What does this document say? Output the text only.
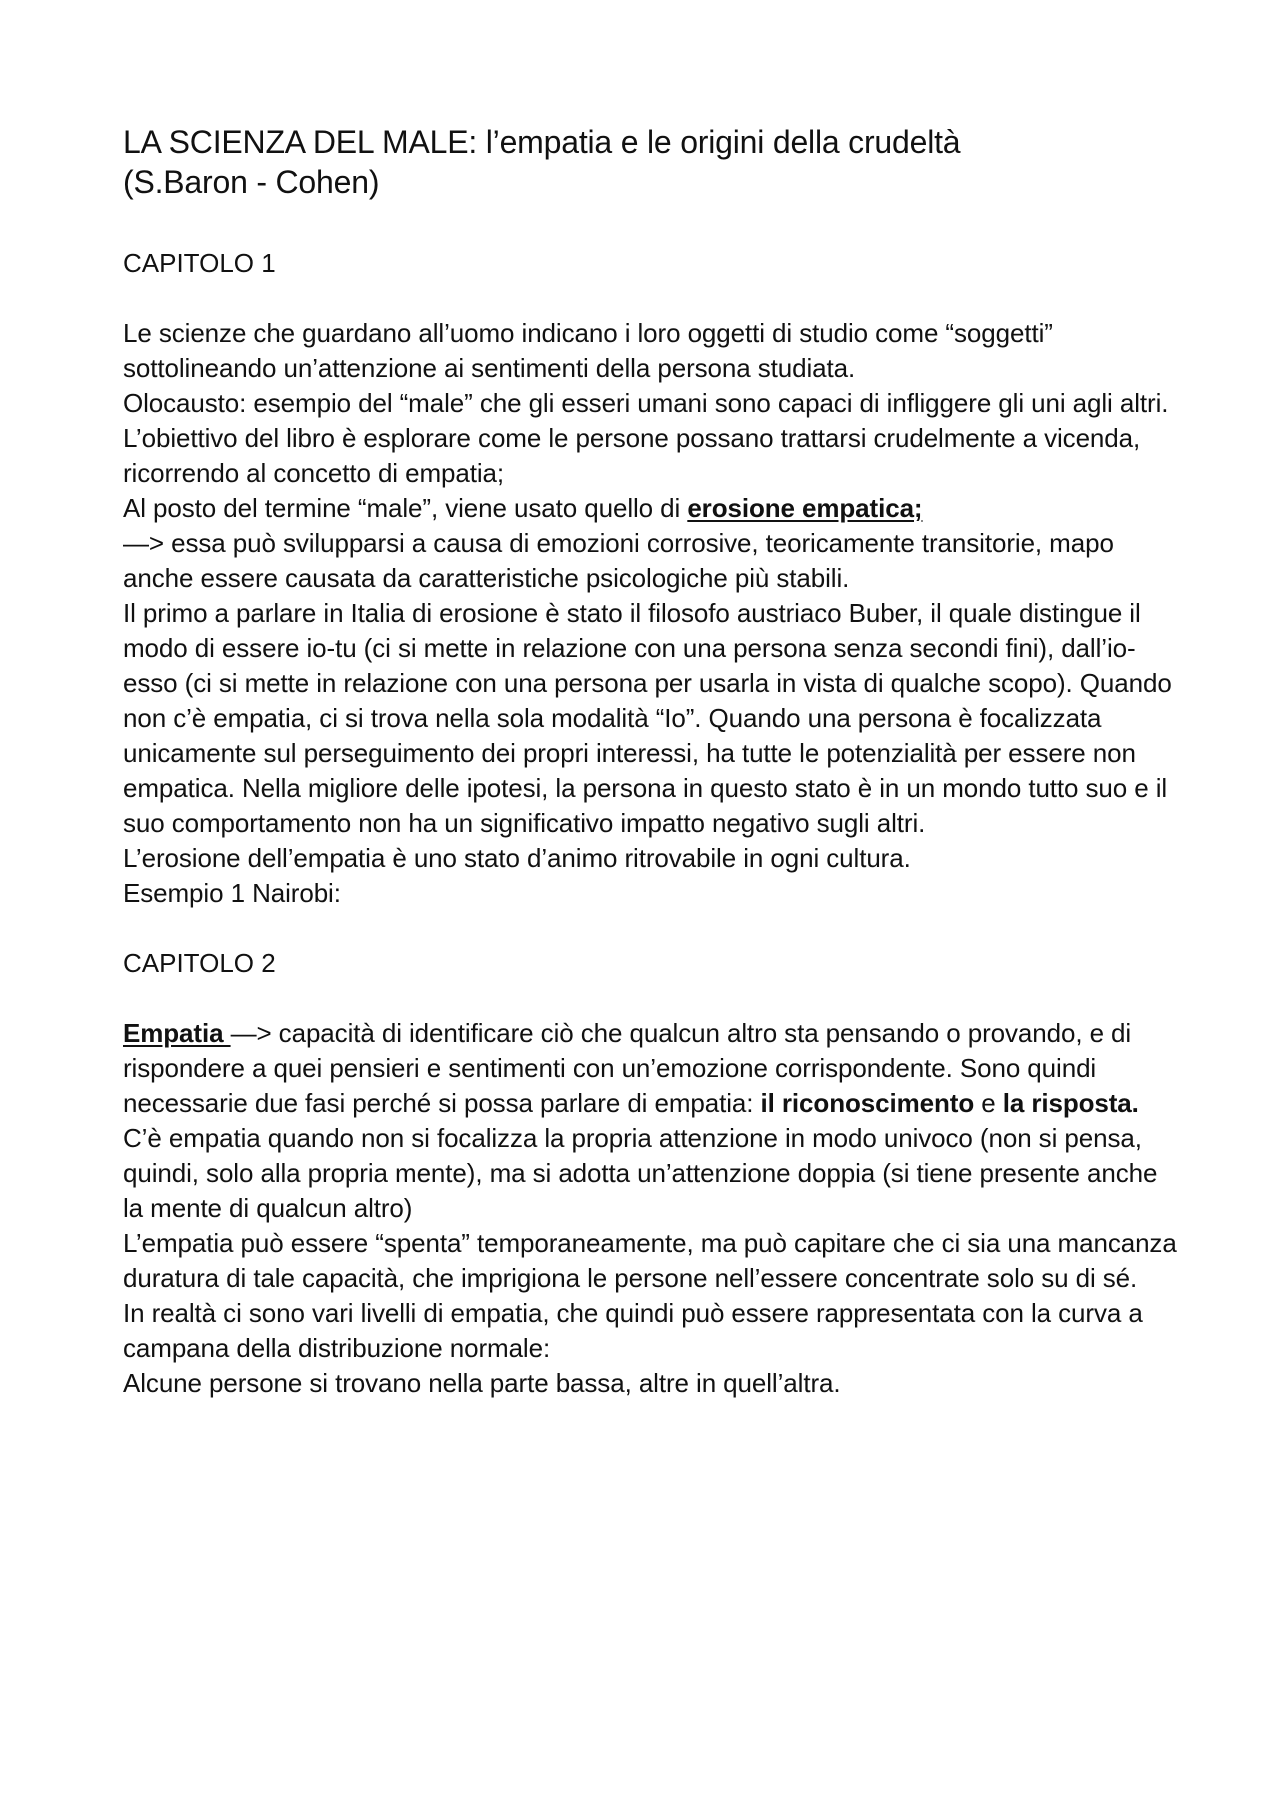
LA SCIENZA DEL MALE: l’empatia e le origini della crudeltà
(S.Baron - Cohen)
CAPITOLO 1

Le scienze che guardano all’uomo indicano i loro oggetti di studio come “soggetti” sottolineando un’attenzione ai sentimenti della persona studiata.

Olocausto: esempio del “male” che gli esseri umani sono capaci di infliggere gli uni agli altri.

L’obiettivo del libro è esplorare come le persone possano trattarsi crudelmente a vicenda, ricorrendo al concetto di empatia;

Al posto del termine “male”, viene usato quello di erosione empatica;

—> essa può svilupparsi a causa di emozioni corrosive, teoricamente transitorie, mapo anche essere causata da caratteristiche psicologiche più stabili.

Il primo a parlare in Italia di erosione è stato il filosofo austriaco Buber, il quale distingue il modo di essere io-tu (ci si mette in relazione con una persona senza secondi fini), dall’io-esso (ci si mette in relazione con una persona per usarla in vista di qualche scopo). Quando non c’è empatia, ci si trova nella sola modalità “Io”. Quando una persona è focalizzata unicamente sul perseguimento dei propri interessi, ha tutte le potenzialità per essere non empatica. Nella migliore delle ipotesi, la persona in questo stato è in un mondo tutto suo e il suo comportamento non ha un significativo impatto negativo sugli altri.

L’erosione dell’empatia è uno stato d’animo ritrovabile in ogni cultura.

Esempio 1 Nairobi:

CAPITOLO 2

Empatia —> capacità di identificare ciò che qualcun altro sta pensando o provando, e di rispondere a quei pensieri e sentimenti con un’emozione corrispondente. Sono quindi necessarie due fasi perché si possa parlare di empatia: il riconoscimento e la risposta.

C’è empatia quando non si focalizza la propria attenzione in modo univoco (non si pensa, quindi, solo alla propria mente), ma si adotta un’attenzione doppia (si tiene presente anche la mente di qualcun altro)

L’empatia può essere “spenta” temporaneamente, ma può capitare che ci sia una mancanza duratura di tale capacità, che imprigiona le persone nell’essere concentrate solo su di sé.

In realtà ci sono vari livelli di empatia, che quindi può essere rappresentata con la curva a campana della distribuzione normale:

Alcune persone si trovano nella parte bassa, altre in quell’altra.
